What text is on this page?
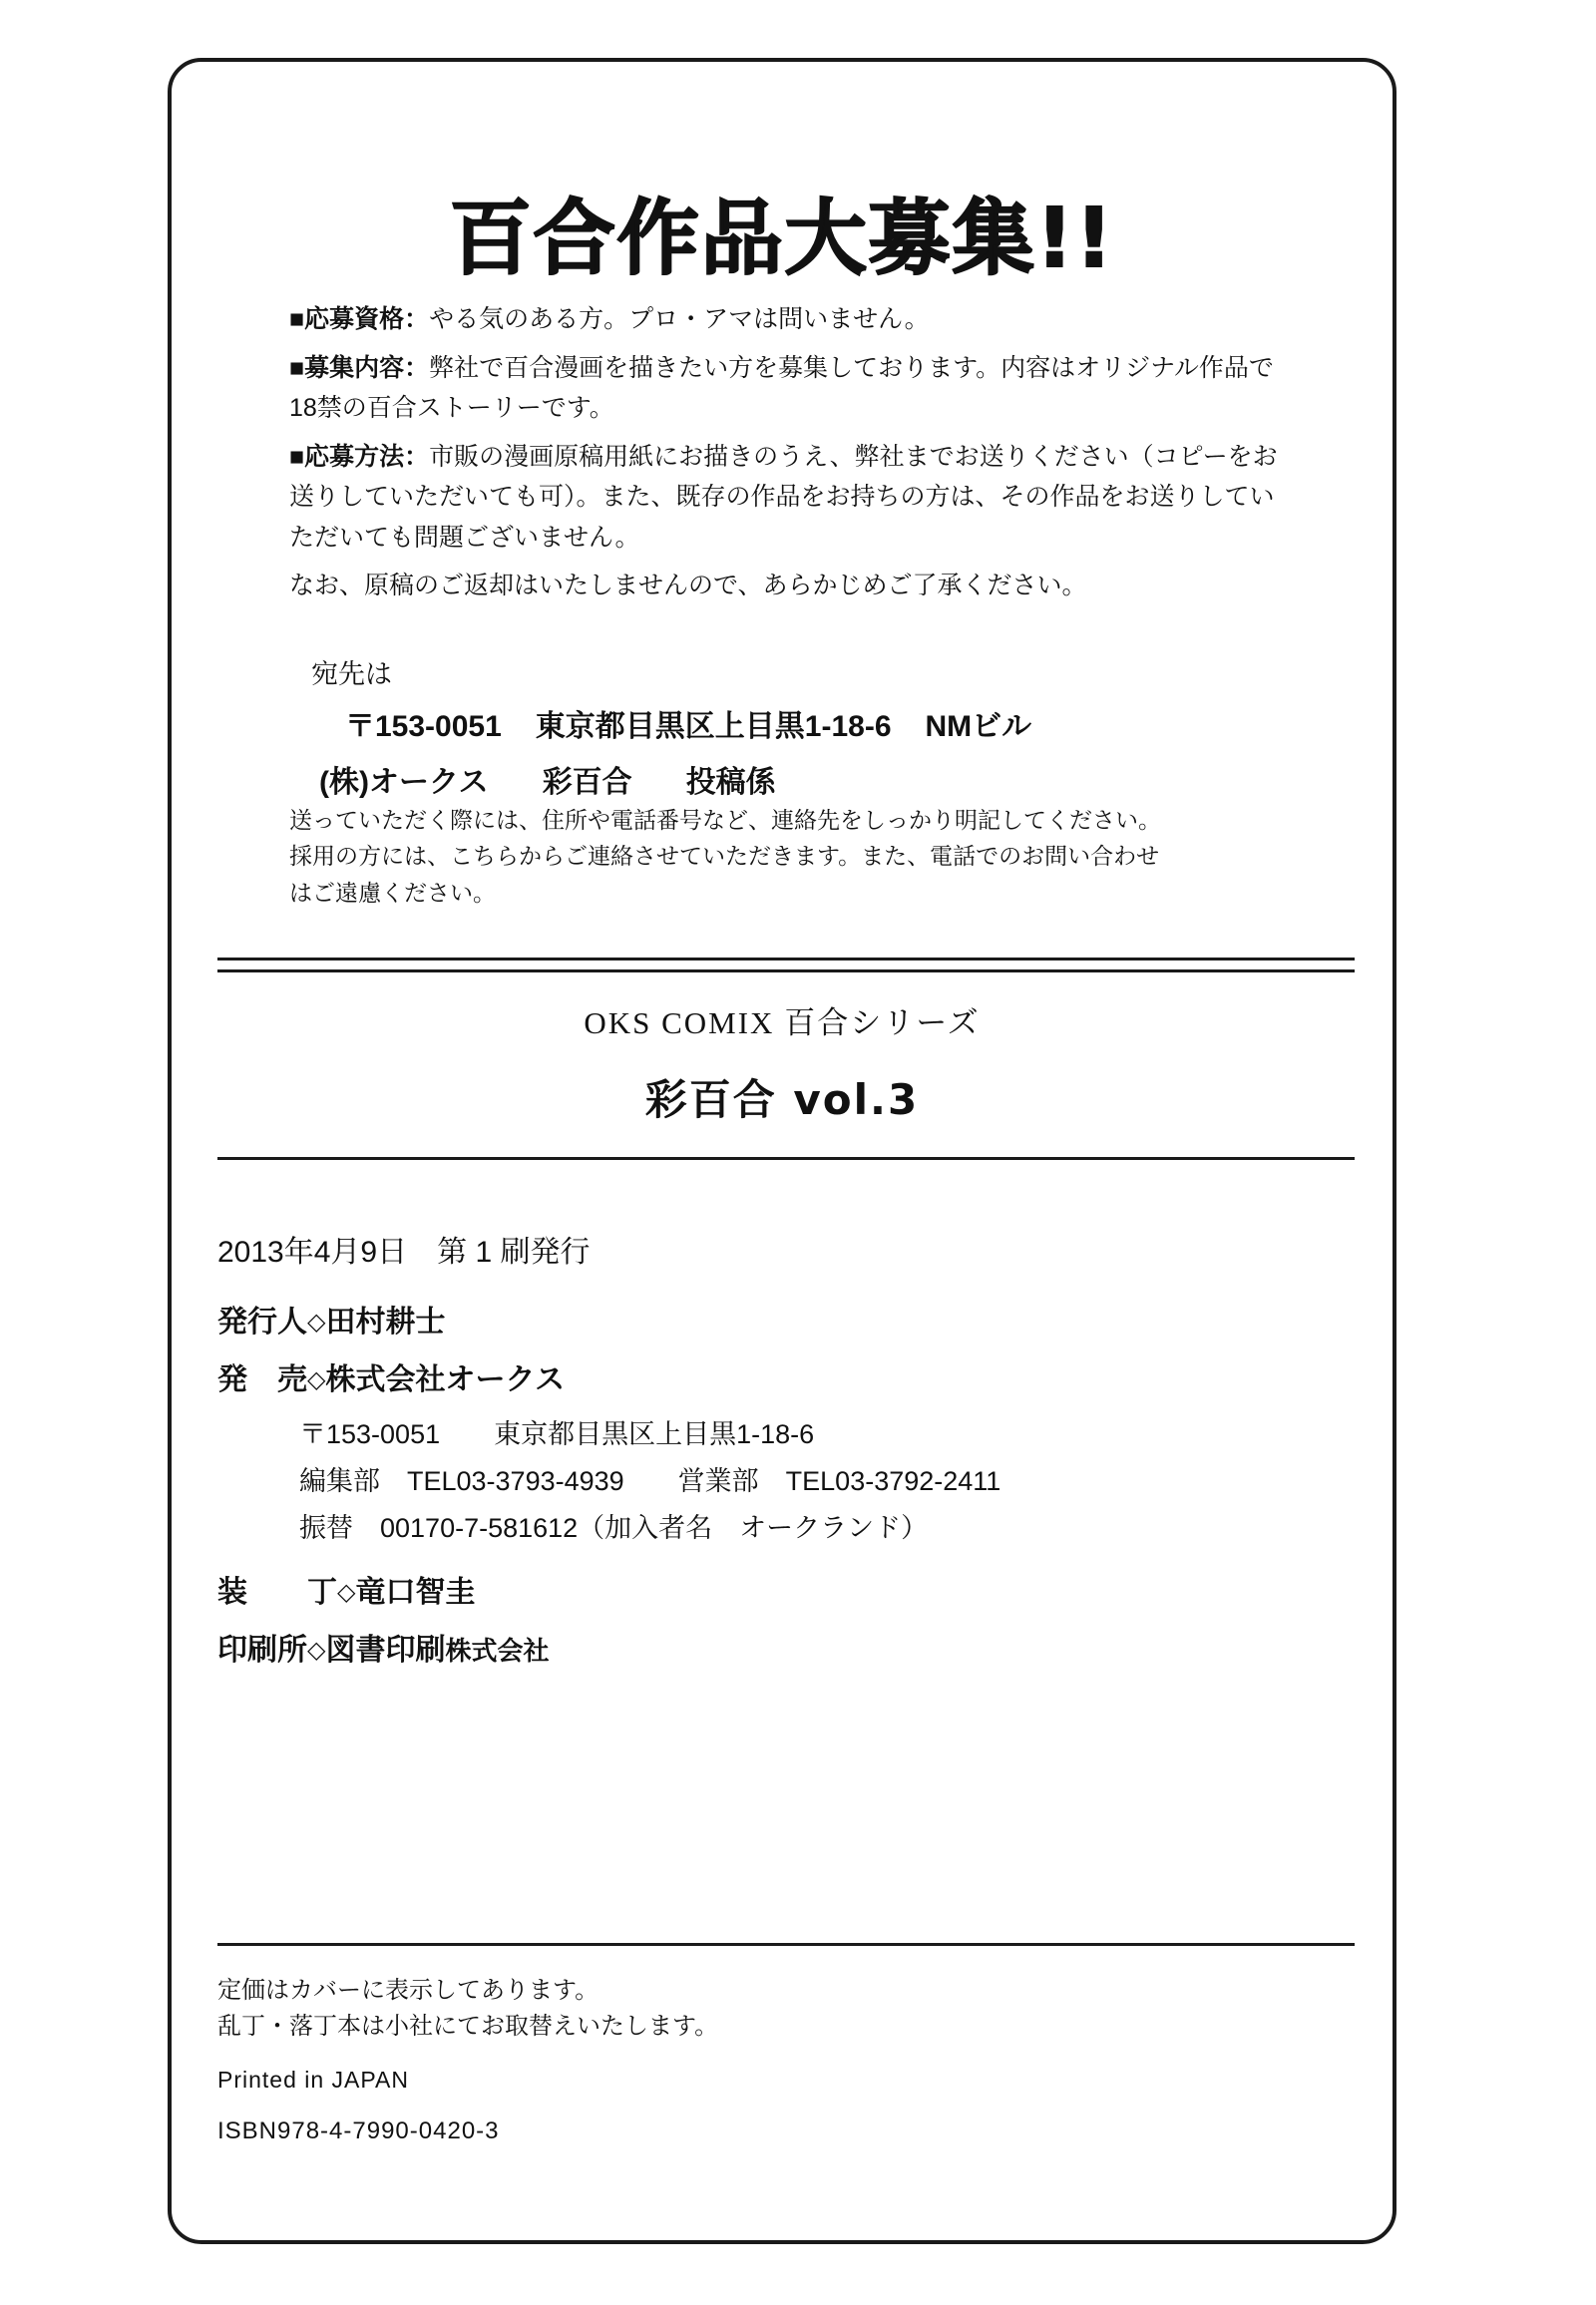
百合作品大募集!!

■応募資格：やる気のある方。プロ・アマは問いません。

■募集内容：弊社で百合漫画を描きたい方を募集しております。内容はオリジナル作品で18禁の百合ストーリーです。

■応募方法：市販の漫画原稿用紙にお描きのうえ、弊社までお送りください（コピーをお送りしていただいても可）。また、既存の作品をお持ちの方は、その作品をお送りしていただいても問題ございません。

なお、原稿のご返却はいたしませんので、あらかじめご了承ください。

宛先は
〒153-0051 東京都目黒区上目黒1-18-6 NMビル
(株)オークス 彩百合 投稿係

送っていただく際には、住所や電話番号など、連絡先をしっかり明記してください。

採用の方には、こちらからご連絡させていただきます。また、電話でのお問い合わせ

はご遠慮ください。

OKS COMIX 百合シリーズ
彩百合 vol.3
2013年4月9日　第 1 刷発行
発行人◇田村耕士
発　売◇株式会社オークス
〒153-0051　　東京都目黒区上目黒1-18-6
編集部　TEL03-3793-4939　　営業部　TEL03-3792-2411
振替　00170-7-581612（加入者名　オークランド）
装　　丁◇竜口智圭
印刷所◇図書印刷株式会社

定価はカバーに表示してあります。

乱丁・落丁本は小社にてお取替えいたします。

Printed in JAPAN

ISBN978-4-7990-0420-3
